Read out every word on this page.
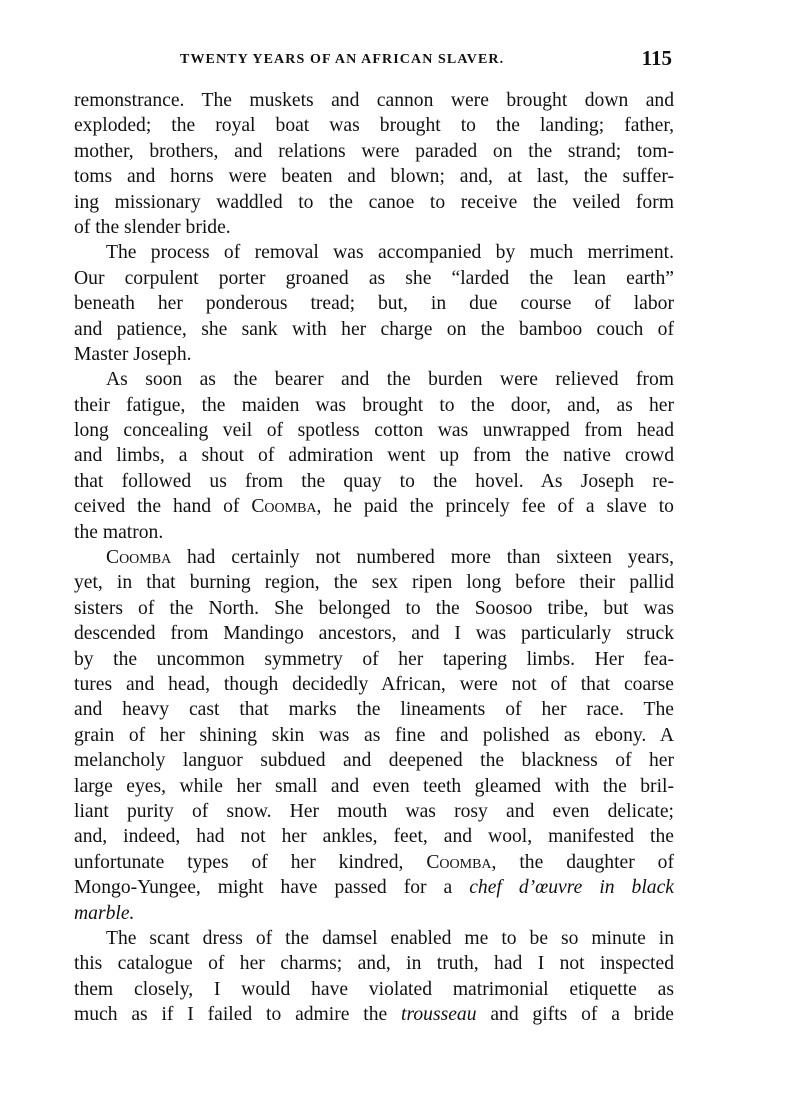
TWENTY YEARS OF AN AFRICAN SLAVER.	115
remonstrance. The muskets and cannon were brought down and
exploded; the royal boat was brought to the landing; father,
mother, brothers, and relations were paraded on the strand; tom-
toms and horns were beaten and blown; and, at last, the suffer-
ing missionary waddled to the canoe to receive the veiled form
of the slender bride.
The process of removal was accompanied by much merriment.
Our corpulent porter groaned as she “larded the lean earth”
beneath her ponderous tread; but, in due course of labor
and patience, she sank with her charge on the bamboo couch of
Master Joseph.
As soon as the bearer and the burden were relieved from
their fatigue, the maiden was brought to the door, and, as her
long concealing veil of spotless cotton was unwrapped from head
and limbs, a shout of admiration went up from the native crowd
that followed us from the quay to the hovel. As Joseph re-
ceived the hand of Coomba, he paid the princely fee of a slave to
the matron.
Coomba had certainly not numbered more than sixteen years,
yet, in that burning region, the sex ripen long before their pallid
sisters of the North. She belonged to the Soosoo tribe, but was
descended from Mandingo ancestors, and I was particularly struck
by the uncommon symmetry of her tapering limbs. Her fea-
tures and head, though decidedly African, were not of that coarse
and heavy cast that marks the lineaments of her race. The
grain of her shining skin was as fine and polished as ebony. A
melancholy languor subdued and deepened the blackness of her
large eyes, while her small and even teeth gleamed with the bril-
liant purity of snow. Her mouth was rosy and even delicate;
and, indeed, had not her ankles, feet, and wool, manifested the
unfortunate types of her kindred, Coomba, the daughter of
Mongo-Yungee, might have passed for a chef d’œuvre in black
marble.
The scant dress of the damsel enabled me to be so minute in
this catalogue of her charms; and, in truth, had I not inspected
them closely, I would have violated matrimonial etiquette as
much as if I failed to admire the trousseau and gifts of a bride
